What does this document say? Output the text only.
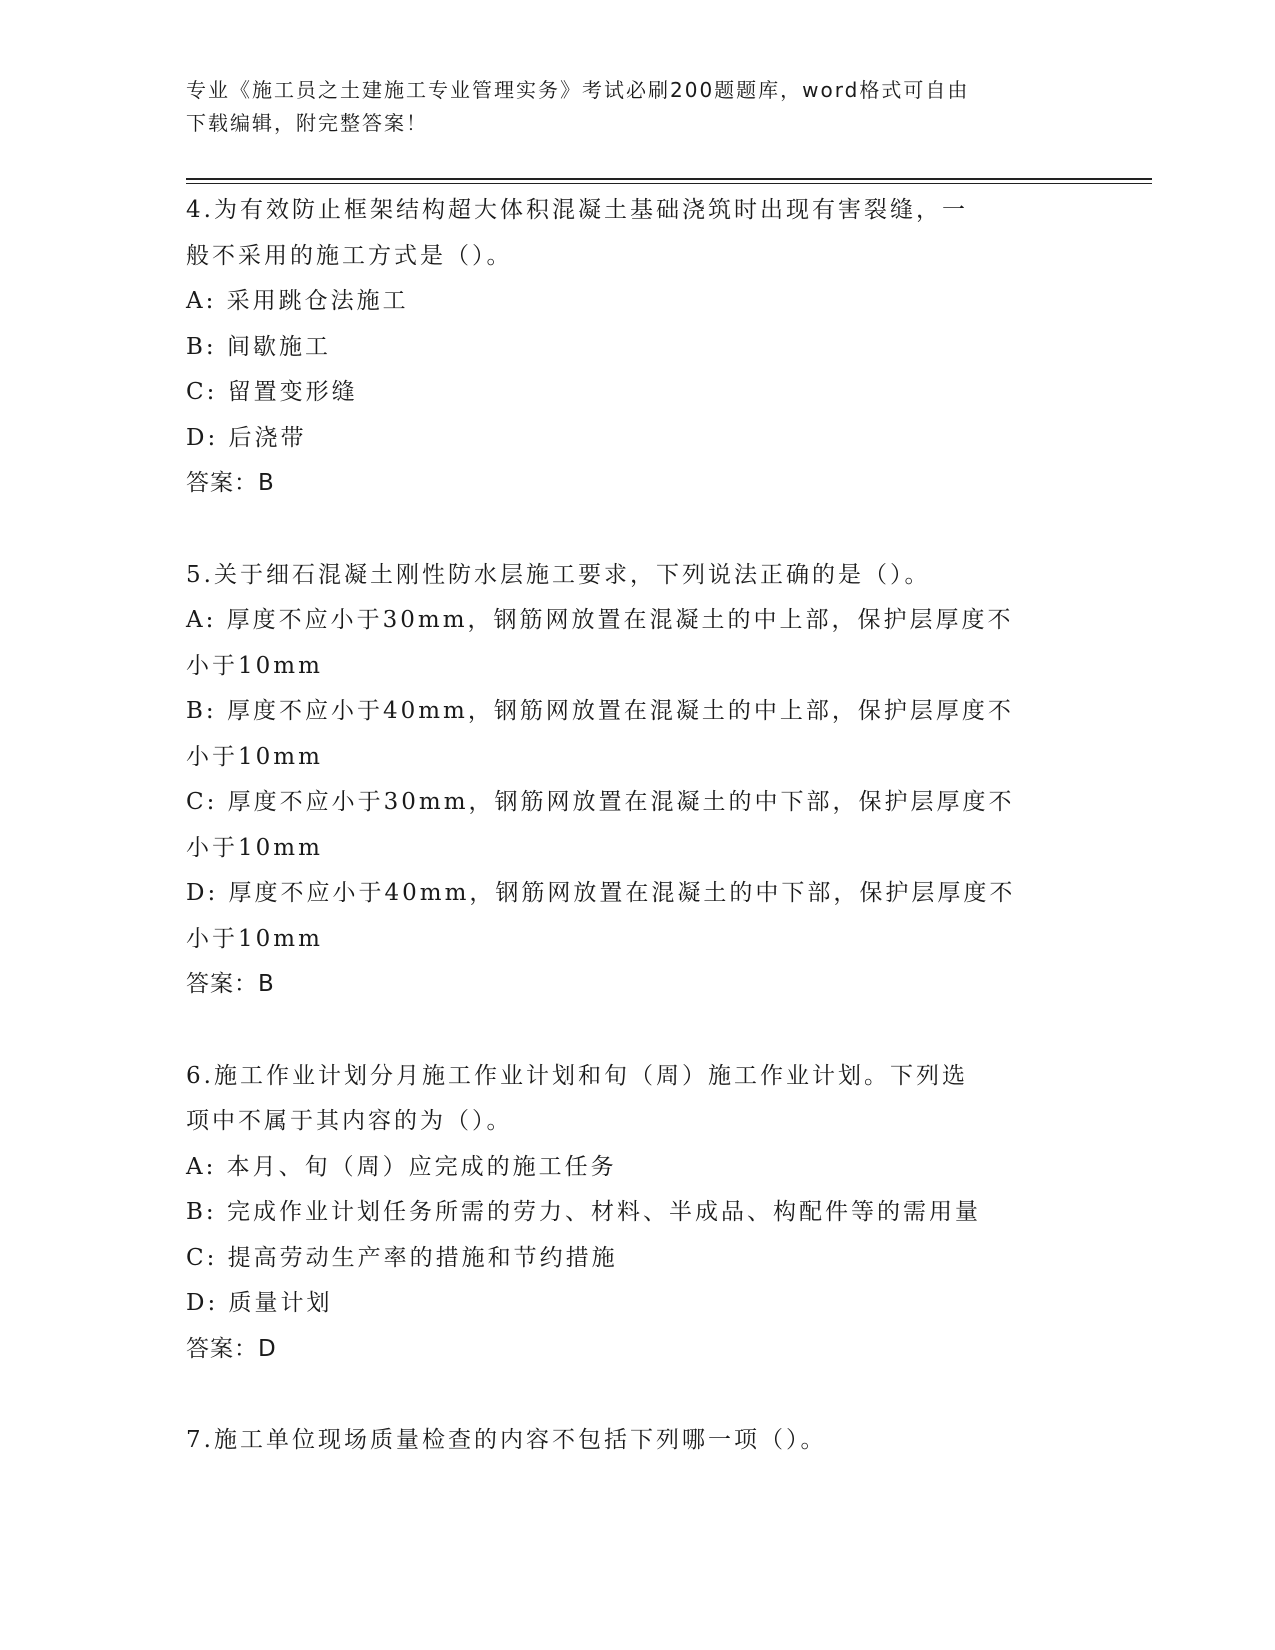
专业《施工员之土建施工专业管理实务》考试必刷200题题库，word格式可自由
下载编辑，附完整答案！

4.为有效防止框架结构超大体积混凝土基础浇筑时出现有害裂缝，一

般不采用的施工方式是（）。

A: 采用跳仓法施工

B: 间歇施工

C: 留置变形缝

D: 后浇带

答案：B

5.关于细石混凝土刚性防水层施工要求，下列说法正确的是（）。

A: 厚度不应小于30mm，钢筋网放置在混凝土的中上部，保护层厚度不

小于10mm

B: 厚度不应小于40mm，钢筋网放置在混凝土的中上部，保护层厚度不

小于10mm

C: 厚度不应小于30mm，钢筋网放置在混凝土的中下部，保护层厚度不

小于10mm

D: 厚度不应小于40mm，钢筋网放置在混凝土的中下部，保护层厚度不

小于10mm

答案：B

6.施工作业计划分月施工作业计划和旬（周）施工作业计划。下列选

项中不属于其内容的为（）。

A: 本月、旬（周）应完成的施工任务

B: 完成作业计划任务所需的劳力、材料、半成品、构配件等的需用量

C: 提高劳动生产率的措施和节约措施

D: 质量计划

答案：D

7.施工单位现场质量检查的内容不包括下列哪一项（）。
